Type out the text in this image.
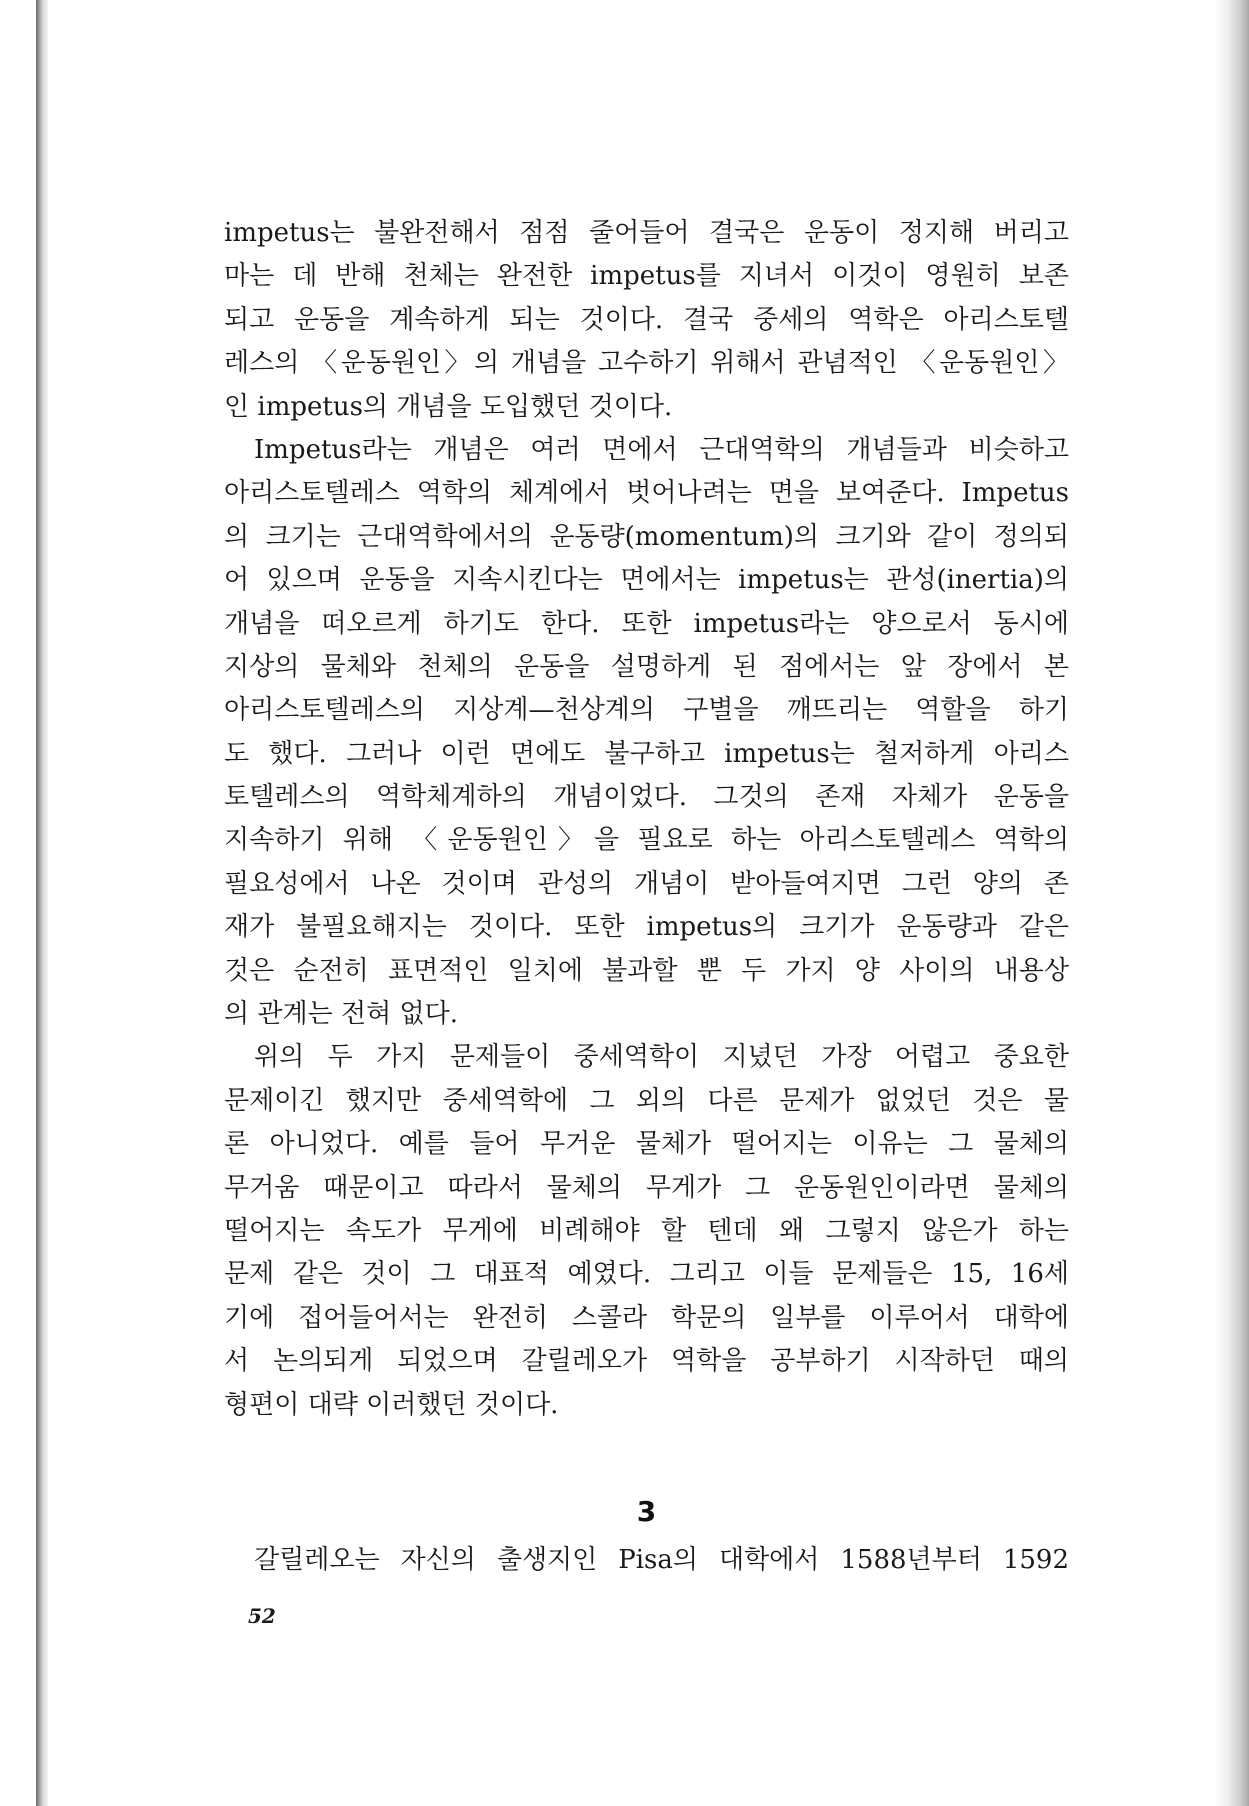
impetus는 불완전해서 점점 줄어들어 결국은 운동이 정지해 버리고
마는 데 반해 천체는 완전한 impetus를 지녀서 이것이 영원히 보존
되고 운동을 계속하게 되는 것이다. 결국 중세의 역학은 아리스토텔
레스의 〈운동원인〉의 개념을 고수하기 위해서 관념적인 〈운동원인〉
인 impetus의 개념을 도입했던 것이다.
Impetus라는 개념은 여러 면에서 근대역학의 개념들과 비슷하고
아리스토텔레스 역학의 체계에서 벗어나려는 면을 보여준다. Impetus
의 크기는 근대역학에서의 운동량(momentum)의 크기와 같이 정의되
어 있으며 운동을 지속시킨다는 면에서는 impetus는 관성(inertia)의
개념을 떠오르게 하기도 한다. 또한 impetus라는 양으로서 동시에
지상의 물체와 천체의 운동을 설명하게 된 점에서는 앞 장에서 본
아리스토텔레스의 지상계—천상계의 구별을 깨뜨리는 역할을 하기
도 했다. 그러나 이런 면에도 불구하고 impetus는 철저하게 아리스
토텔레스의 역학체계하의 개념이었다. 그것의 존재 자체가 운동을
지속하기 위해 〈운동원인〉을 필요로 하는 아리스토텔레스 역학의
필요성에서 나온 것이며 관성의 개념이 받아들여지면 그런 양의 존
재가 불필요해지는 것이다. 또한 impetus의 크기가 운동량과 같은
것은 순전히 표면적인 일치에 불과할 뿐 두 가지 양 사이의 내용상
의 관계는 전혀 없다.
위의 두 가지 문제들이 중세역학이 지녔던 가장 어렵고 중요한
문제이긴 했지만 중세역학에 그 외의 다른 문제가 없었던 것은 물
론 아니었다. 예를 들어 무거운 물체가 떨어지는 이유는 그 물체의
무거움 때문이고 따라서 물체의 무게가 그 운동원인이라면 물체의
떨어지는 속도가 무게에 비례해야 할 텐데 왜 그렇지 않은가 하는
문제 같은 것이 그 대표적 예였다. 그리고 이들 문제들은 15, 16세
기에 접어들어서는 완전히 스콜라 학문의 일부를 이루어서 대학에
서 논의되게 되었으며 갈릴레오가 역학을 공부하기 시작하던 때의
형편이 대략 이러했던 것이다.
3
갈릴레오는 자신의 출생지인 Pisa의 대학에서 1588년부터 1592
52
